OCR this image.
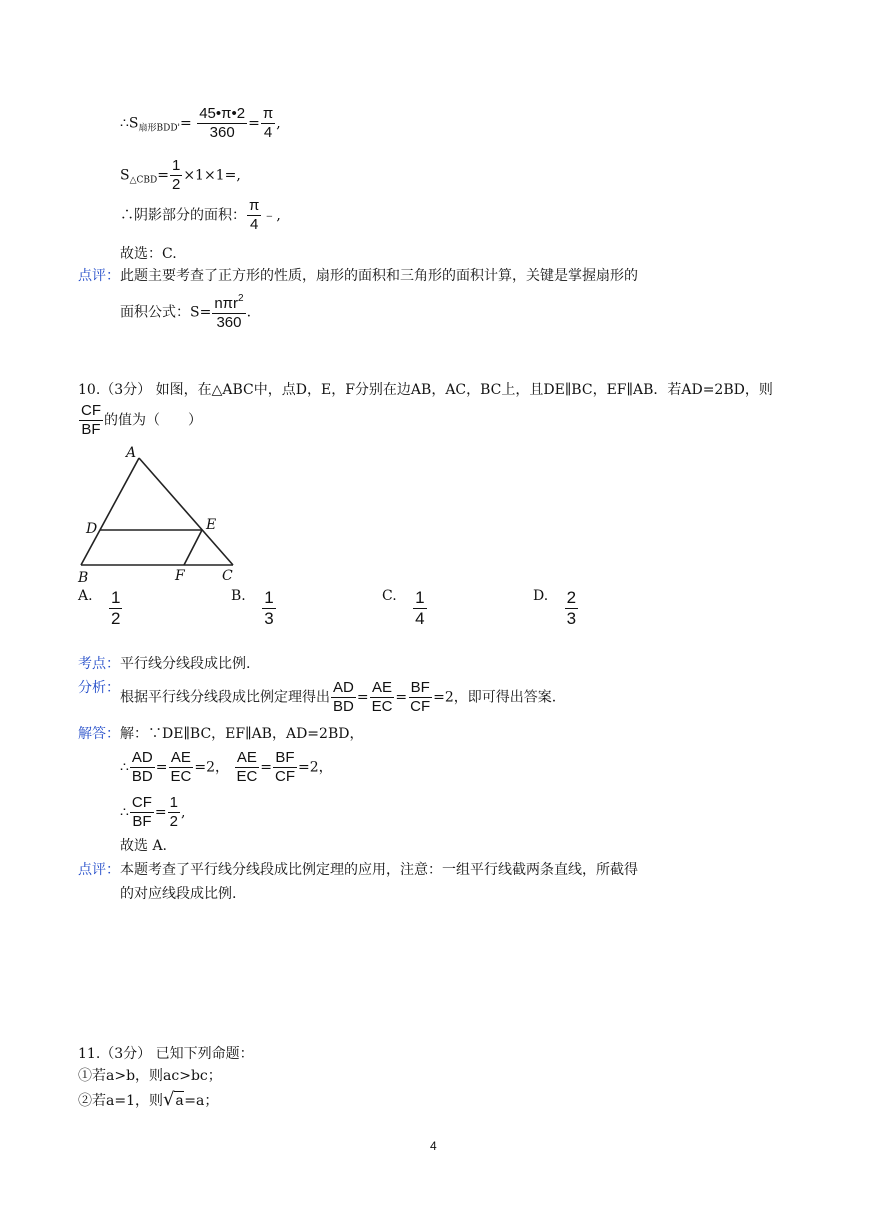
$\therefore S_{扇形BDD'}= \frac{45•\pi•2}{360} = \frac{\pi}{4}$ ,
$S_{\triangle CBD}= \frac{1}{2} \times 1\times 1=$,
∴阴影部分的面积： $\frac{\pi}{4}$ ﹣,
故选：C.
点评：此题主要考查了正方形的性质，扇形的面积和三角形的面积计算，关键是掌握扇形的
面积公式：$S= \frac{n\pi r^2}{360}$ .
10.（3分） 如图，在△ABC中，点D，E，F分别在边AB，AC，BC上，且DE∥BC，EF∥AB．若AD=2BD，则
$\frac{CF}{BF}$ 的值为（　　）
A
D	E
B	F	C
A. $\frac{1}{2}$	B. $\frac{1}{3}$	C. $\frac{1}{4}$	D. $\frac{2}{3}$
考点：平行线分线段成比例.
分析：
根据平行线分线段成比例定理得出 $\frac{AD}{BD} = \frac{AE}{EC} = \frac{BF}{CF} =2$，即可得出答案.
解答：解：∵DE∥BC，EF∥AB，AD=2BD，
∴ $\frac{AD}{BD} = \frac{AE}{EC} =2$， $\frac{AE}{EC} = \frac{BF}{CF} =2$，
∴ $\frac{CF}{BF} = \frac{1}{2}$ ,
故选 A.
点评：本题考查了平行线分线段成比例定理的应用，注意：一组平行线截两条直线，所截得
的对应线段成比例.
11.（3分） 已知下列命题：
①若a>b，则ac>bc；
②若a=1，则√a=a；
4
